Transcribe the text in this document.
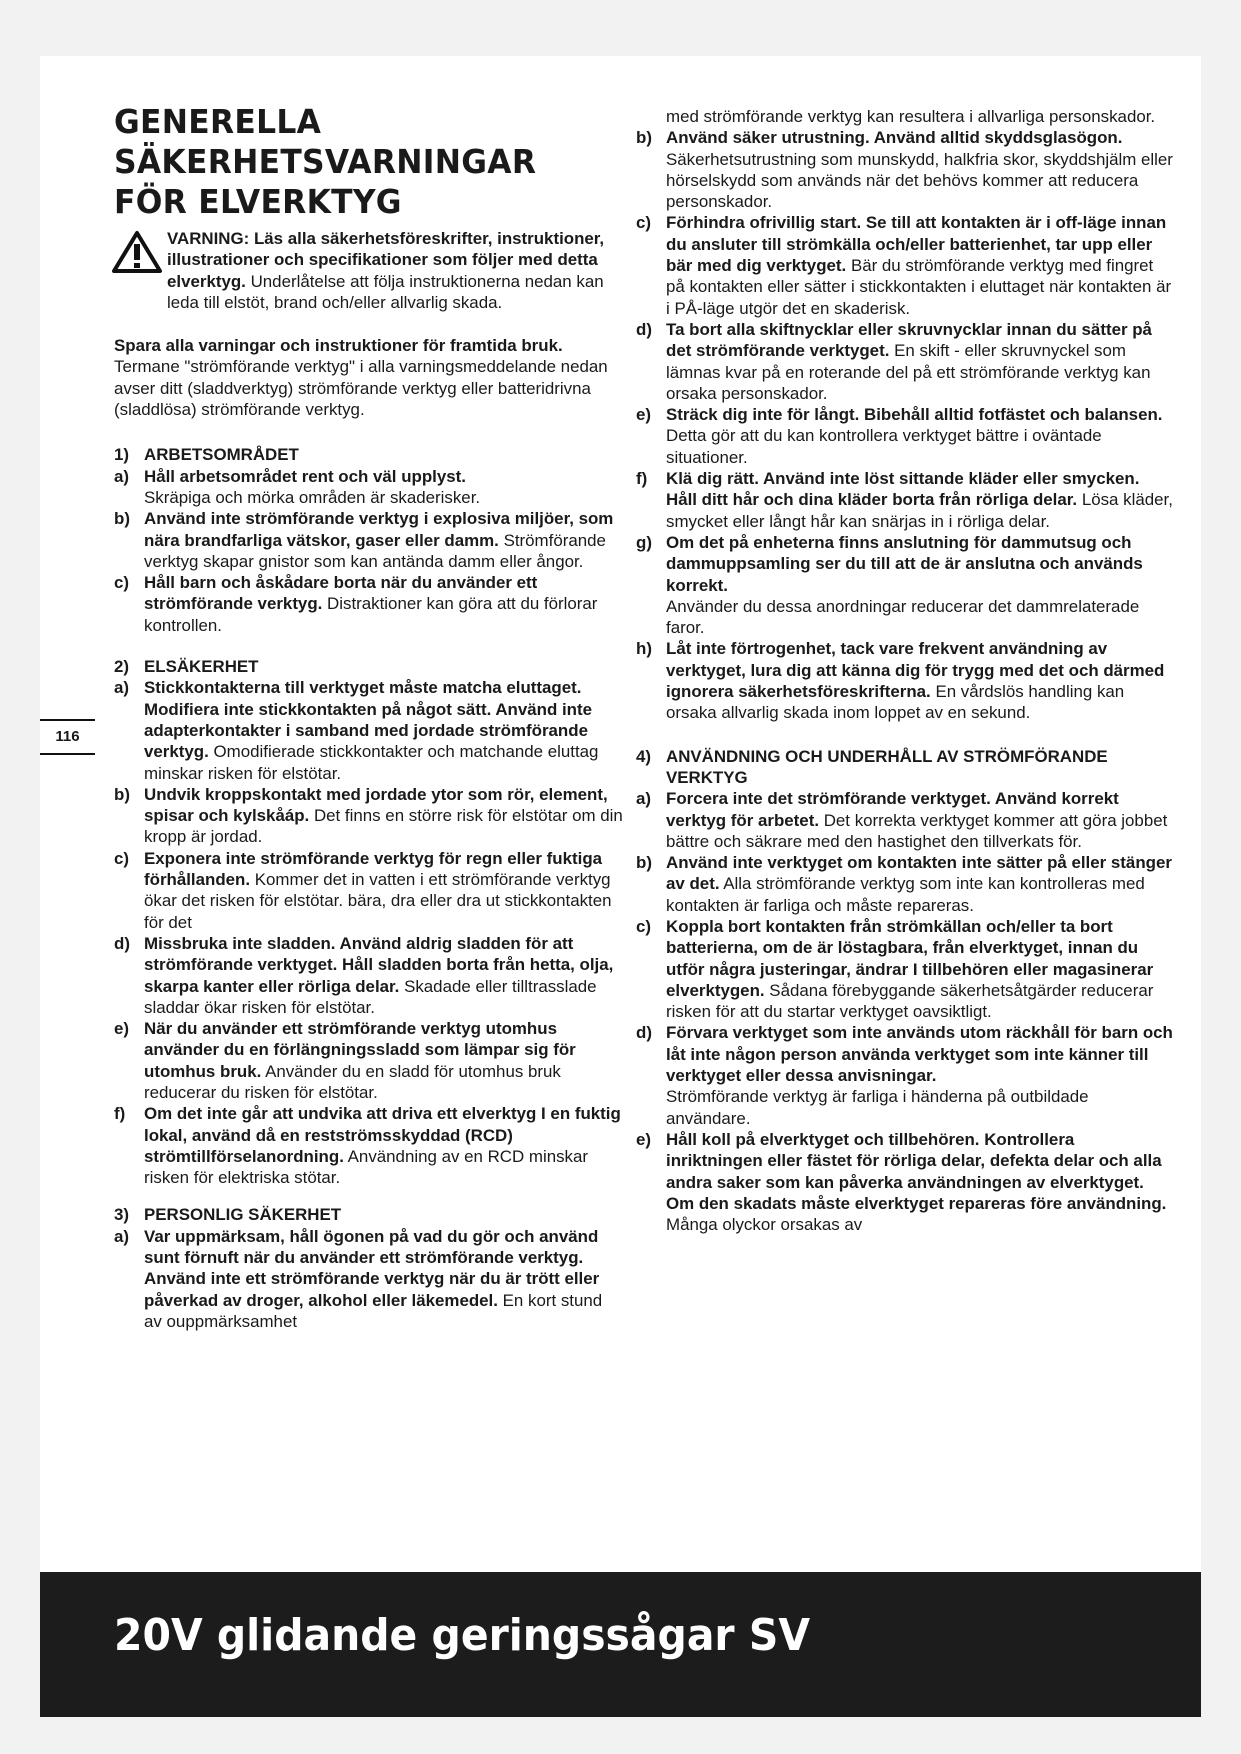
116
GENERELLA
SÄKERHETSVARNINGAR
FÖR ELVERKTYG
VARNING: Läs alla säkerhetsföreskrifter, instruktioner, illustrationer och specifikationer som följer med detta elverktyg. Underlåtelse att följa instruktionerna nedan kan leda till elstöt, brand och/eller allvarlig skada.

Spara alla varningar och instruktioner för framtida bruk.
Termane "strömförande verktyg" i alla varningsmeddelande nedan avser ditt (sladdverktyg) strömförande verktyg eller batteridrivna (sladdlösa) strömförande verktyg.

1) ARBETSOMRÅDET
a) Håll arbetsområdet rent och väl upplyst.
Skräpiga och mörka områden är skaderisker.
b) Använd inte strömförande verktyg i explosiva miljöer, som nära brandfarliga vätskor, gaser eller damm. Strömförande verktyg skapar gnistor som kan antända damm eller ångor.
c) Håll barn och åskådare borta när du använder ett strömförande verktyg. Distraktioner kan göra att du förlorar kontrollen.
2) ELSÄKERHET
a) Stickkontakterna till verktyget måste matcha eluttaget. Modifiera inte stickkontakten på något sätt. Använd inte adapterkontakter i samband med jordade strömförande verktyg. Omodifierade stickkontakter och matchande eluttag minskar risken för elstötar.
b) Undvik kroppskontakt med jordade ytor som rör, element, spisar och kylskåáp. Det finns en större risk för elstötar om din kropp är jordad.
c) Exponera inte strömförande verktyg för regn eller fuktiga förhållanden. Kommer det in vatten i ett strömförande verktyg ökar det risken för elstötar. bära, dra eller dra ut stickkontakten för det
d) Missbruka inte sladden. Använd aldrig sladden för att strömförande verktyget. Håll sladden borta från hetta, olja, skarpa kanter eller rörliga delar. Skadade eller tilltrasslade sladdar ökar risken för elstötar.
e) När du använder ett strömförande verktyg utomhus använder du en förlängningssladd som lämpar sig för utomhus bruk. Använder du en sladd för utomhus bruk reducerar du risken för elstötar.
f)	Om det inte går att undvika att driva ett elverktyg I en fuktig lokal, använd då en restströmsskyddad (RCD) strömtillförselanordning. Användning av en RCD minskar risken för elektriska stötar.
3) PERSONLIG SÄKERHET
a) Var uppmärksam, håll ögonen på vad du gör och använd sunt förnuft när du använder ett strömförande verktyg. Använd inte ett strömförande verktyg när du är trött eller påverkad av droger, alkohol eller läkemedel. En kort stund av ouppmärksamhet
med strömförande verktyg kan resultera i allvarliga personskador.
b) Använd säker utrustning. Använd alltid skyddsglasögon. Säkerhetsutrustning som munskydd, halkfria skor, skyddshjälm eller hörselskydd som används när det behövs kommer att reducera personskador.
c) Förhindra ofrivillig start. Se till att kontakten är i off-läge innan du ansluter till strömkälla och/eller batterienhet, tar upp eller bär med dig verktyget. Bär du strömförande verktyg med fingret på kontakten eller sätter i stickkontakten i eluttaget när kontakten är i PÅ-läge utgör det en skaderisk.
d) Ta bort alla skiftnycklar eller skruvnycklar innan du sätter på det strömförande verktyget. En skift - eller skruvnyckel som lämnas kvar på en roterande del på ett strömförande verktyg kan orsaka personskador.
e) Sträck dig inte för långt. Bibehåll alltid fotfästet och balansen. Detta gör att du kan kontrollera verktyget bättre i oväntade situationer.
f)	Klä dig rätt. Använd inte löst sittande kläder eller smycken. Håll ditt hår och dina kläder borta från rörliga delar. Lösa kläder, smycket eller långt hår kan snärjas in i rörliga delar.
g) Om det på enheterna finns anslutning för dammutsug och dammuppsamling ser du till att de är anslutna och används korrekt.
Använder du dessa anordningar reducerar det dammrelaterade faror.
h) Låt inte förtrogenhet, tack vare frekvent användning av verktyget, lura dig att känna dig för trygg med det och därmed ignorera säkerhetsföreskrifterna. En vårdslös handling kan orsaka allvarlig skada inom loppet av en sekund.
4) ANVÄNDNING OCH UNDERHÅLL AV STRÖMFÖRANDE VERKTYG
a) Forcera inte det strömförande verktyget. Använd korrekt verktyg för arbetet. Det korrekta verktyget kommer att göra jobbet bättre och säkrare med den hastighet den tillverkats för.
b) Använd inte verktyget om kontakten inte sätter på eller stänger av det. Alla strömförande verktyg som inte kan kontrolleras med kontakten är farliga och måste repareras.
c) Koppla bort kontakten från strömkällan och/eller ta bort batterierna, om de är löstagbara, från elverktyget, innan du utför några justeringar, ändrar I tillbehören eller magasinerar elverktygen. Sådana förebyggande säkerhetsåtgärder reducerar risken för att du startar verktyget oavsiktligt.
d) Förvara verktyget som inte används utom räckhåll för barn och låt inte någon person använda verktyget som inte känner till verktyget eller dessa anvisningar.
Strömförande verktyg är farliga i händerna på outbildade användare.
e) Håll koll på elverktyget och tillbehören. Kontrollera inriktningen eller fästet för rörliga delar, defekta delar och alla andra saker som kan påverka användningen av elverktyget. Om den skadats måste elverktyget repareras före användning. Många olyckor orsakas av
20V glidande geringssågar SV
